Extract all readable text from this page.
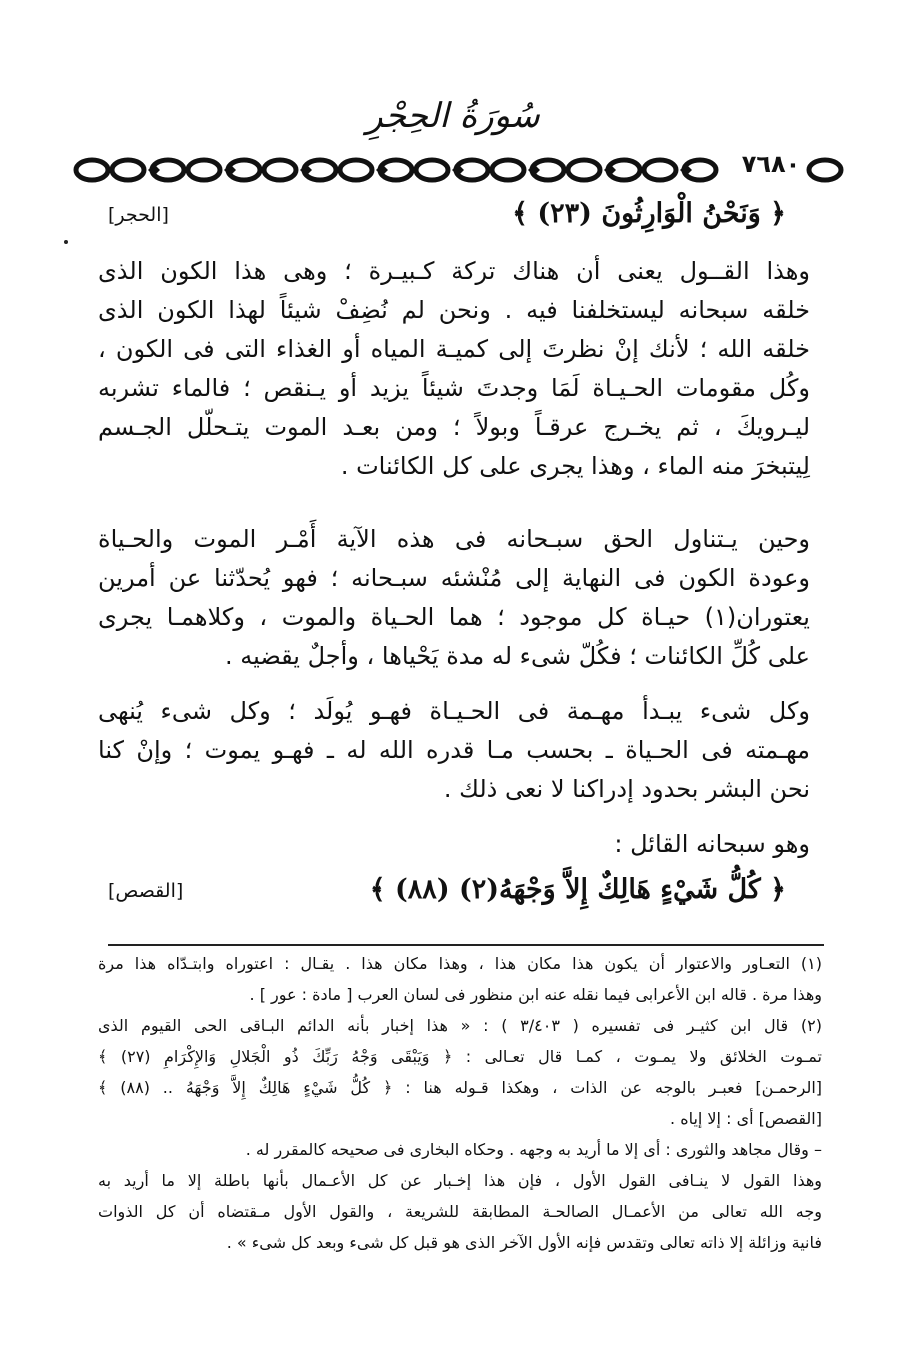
سُورَةُ الحِجْرِ
٧٦٨٠
﴿ وَنَحْنُ الْوَارِثُونَ (٢٣) ﴾
[الحجر]
وهذا القــول يعنى أن هناك تركة كـبيـرة ؛ وهى هذا الكون الذى
خلقه سبحانه ليستخلفنا فيه . ونحن لم نُضِفْ شيئاً لهذا الكون الذى
خلقه الله ؛ لأنك إنْ نظرتَ إلى كميـة المياه أو الغذاء التى فى الكون ،
وكُل مقومات الحـيـاة لَمَا وجدتَ شيئاً يزيد أو يـنقص ؛ فالماء تشربه
ليـرويكَ ، ثم يخـرج عرقـاً وبولاً ؛ ومن بعـد الموت يتـحلّل الجـسم
لِيتبخرَ منه الماء ، وهذا يجرى على كل الكائنات .
وحين يـتناول الحق سبـحانه فى هذه الآية أَمْـر الموت والحـياة
وعودة الكون فى النهاية إلى مُنْشئه سبـحانه ؛ فهو يُحدّثنا عن أمرين
يعتوران(١) حيـاة كل موجود ؛ هما الحـياة والموت ، وكلاهمـا يجرى
على كُلِّ الكائنات ؛ فكُلّ شىء له مدة يَحْياها ، وأجلٌ يقضيه .
وكل شىء يبـدأ مهـمة فى الحـيـاة فهـو يُولَد ؛ وكل شىء يُنهى
مهـمته فى الحـياة ـ بحسب مـا قدره الله له ـ فهـو يموت ؛ وإنْ كنا
نحن البشر بحدود إدراكنا لا نعى ذلك .
وهو سبحانه القائل :
﴿ كُلُّ شَيْءٍ هَالِكٌ إِلاَّ وَجْهَهُ(٢) (٨٨) ﴾
[القصص]
(١) التعـاور والاعتوار أن يكون هذا مكان هذا ، وهذا مكان هذا . يقـال : اعتوراه وابتـدّاه هذا مرة
وهذا مرة . قاله ابن الأعرابى فيما نقله عنه ابن منظور فى لسان العرب [ مادة : عور ] .
(٢) قال ابن كثيـر فى تفسيره ( ٣/٤٠٣ ) : « هذا إخبار بأنه الدائم البـاقى الحى القيوم الذى
تمـوت الخلائق ولا يمـوت ، كمـا قال تعـالى : ﴿ وَيَبْقَى وَجْهُ رَبِّكَ ذُو الْجَلالِ وَالإِكْرَامِ (٢٧) ﴾
[الرحمـن] فعبـر بالوجه عن الذات ، وهكذا قـوله هنا : ﴿ كُلُّ شَيْءٍ هَالِكٌ إِلاَّ وَجْهَهُ .. (٨٨) ﴾
[القصص] أى : إلا إياه .
– وقال مجاهد والثورى : أى إلا ما أريد به وجهه . وحكاه البخارى فى صحيحه كالمقرر له .
وهذا القول لا ينـافى القول الأول ، فإن هذا إخـبار عن كل الأعـمال بأنها باطلة إلا ما أريد به
وجه الله تعالى من الأعمـال الصالحـة المطابقة للشريعة ، والقول الأول مـقتضاه أن كل الذوات
فانية وزائلة إلا ذاته تعالى وتقدس فإنه الأول الآخر الذى هو قبل كل شىء وبعد كل شىء » .
